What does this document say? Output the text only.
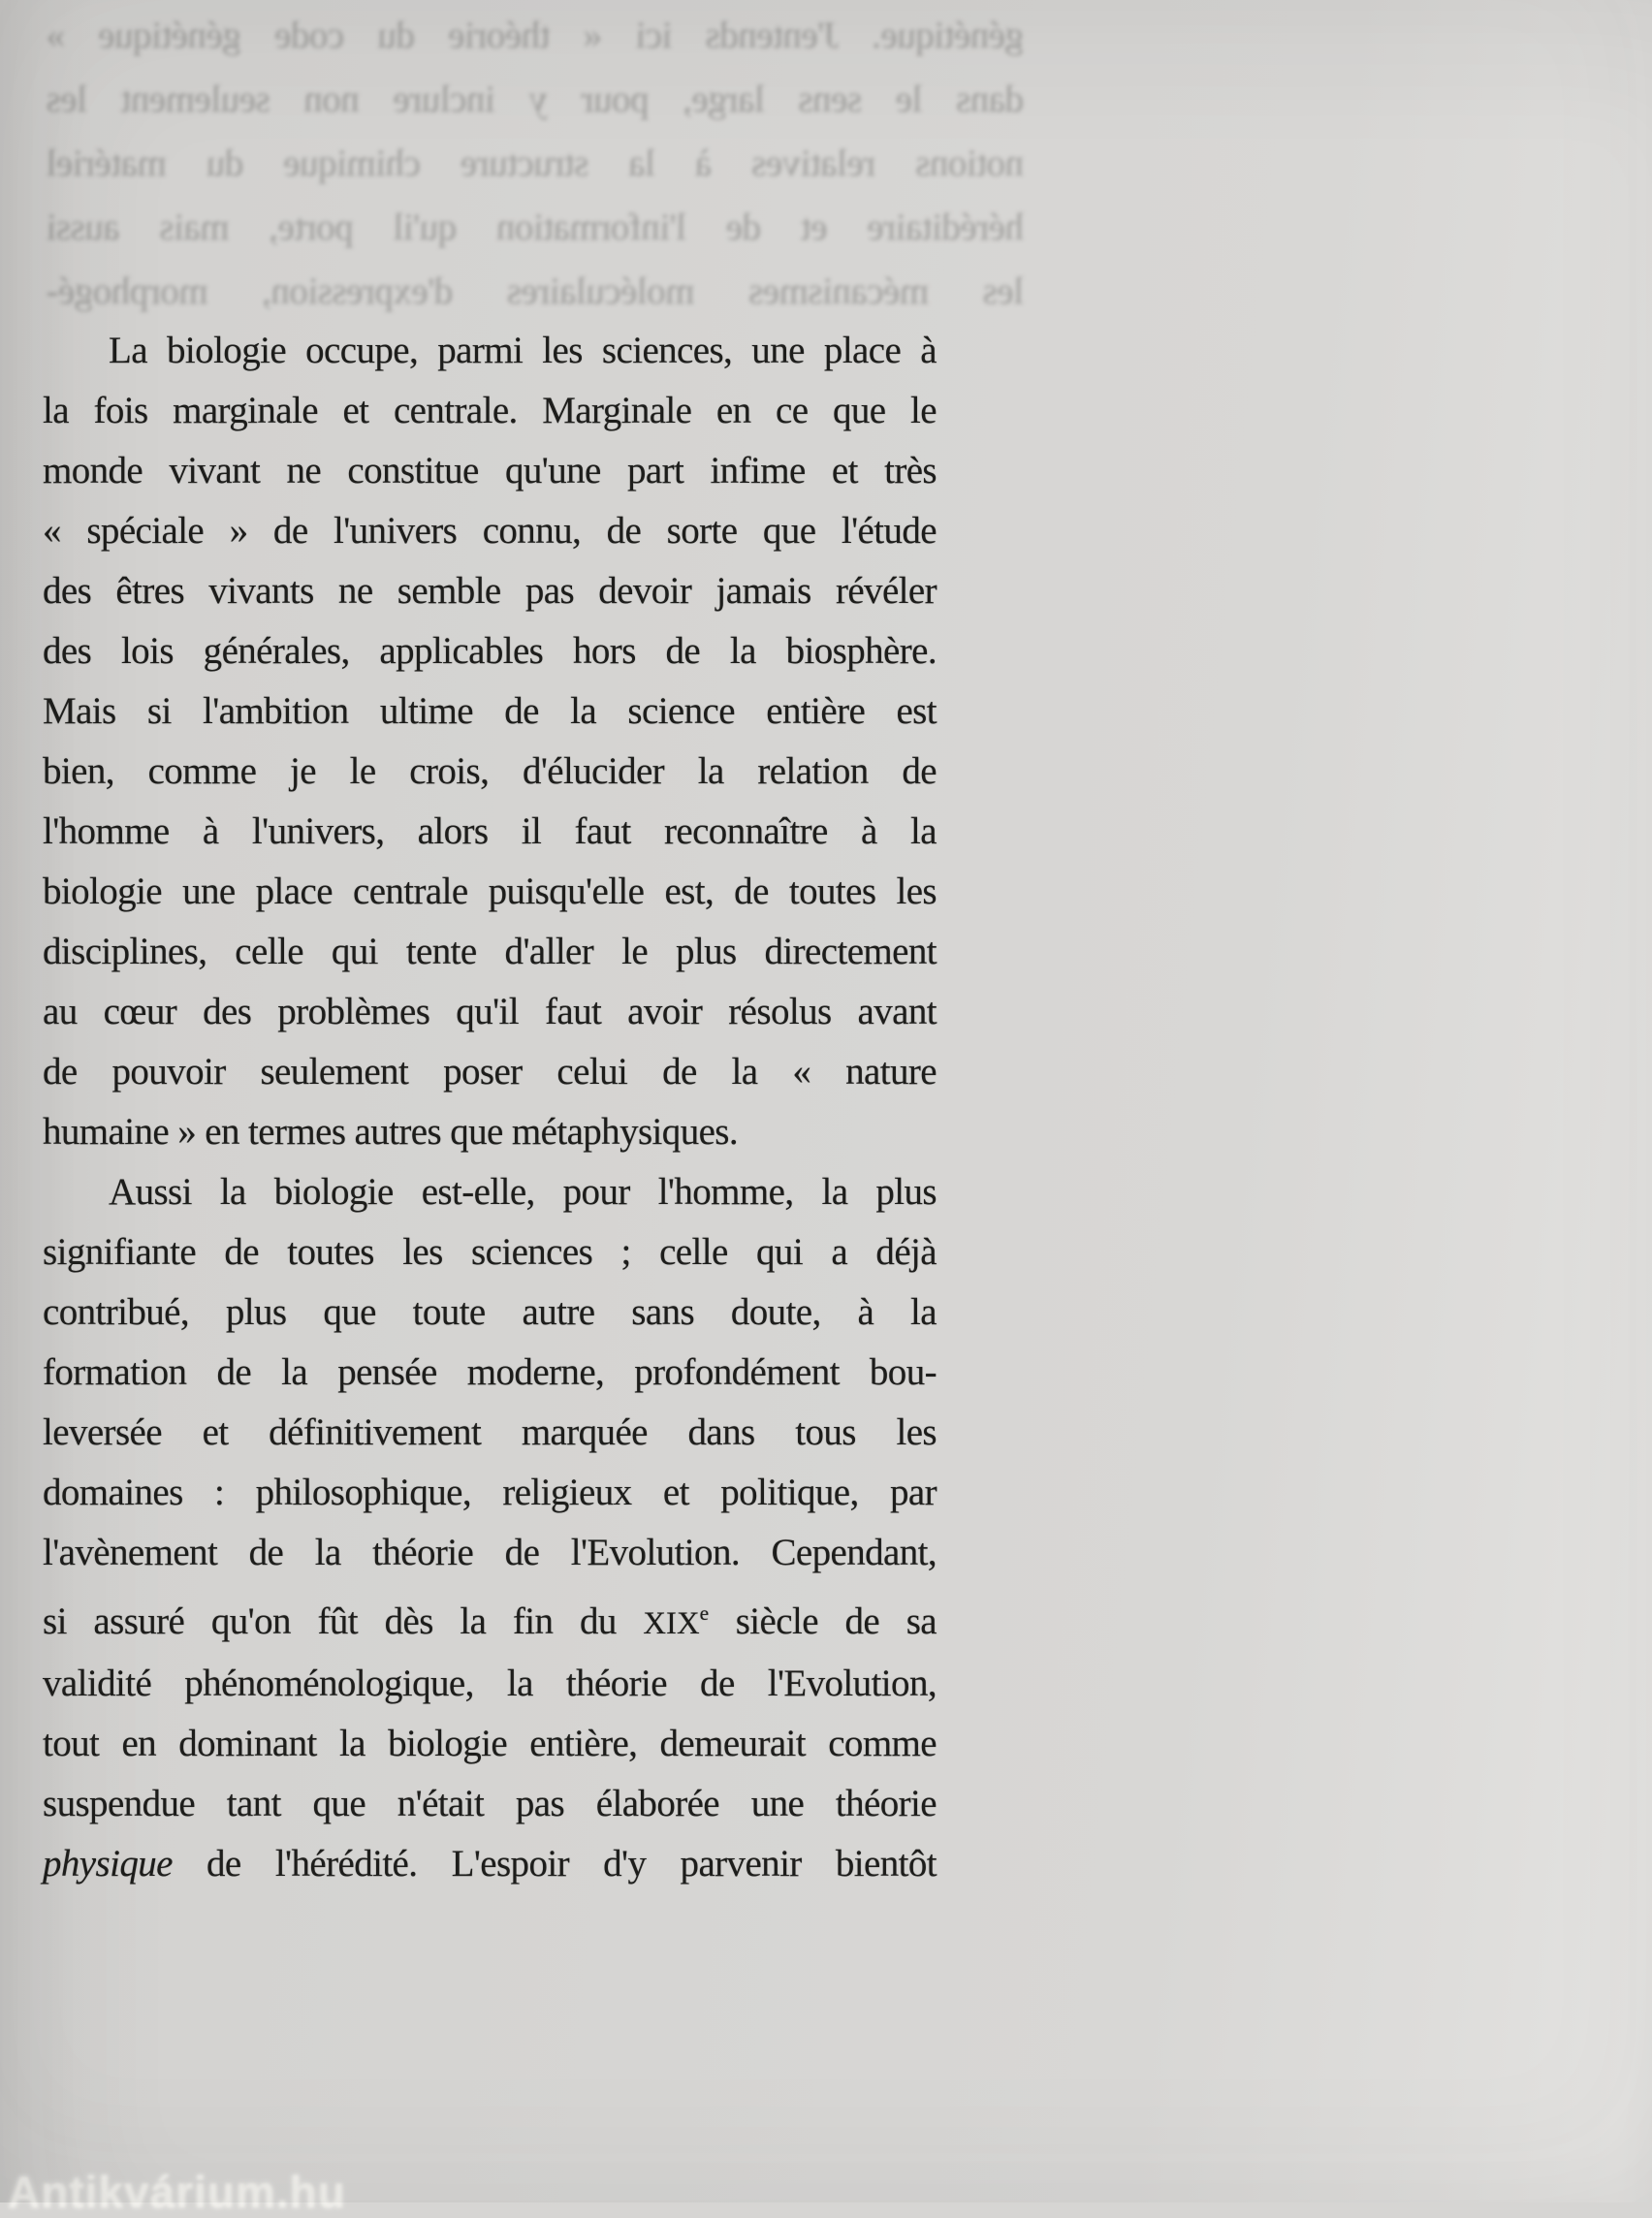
génétique. J'entends ici « théorie du code génétique »
dans le sens large, pour y inclure non seulement les
notions relatives à la structure chimique du matériel
héréditaire et de l'information qu'il porte, mais aussi
les mécanismes moléculaires d'expression, morphogé-
La biologie occupe, parmi les sciences, une place à
la fois marginale et centrale. Marginale en ce que le
monde vivant ne constitue qu'une part infime et très
« spéciale » de l'univers connu, de sorte que l'étude
des êtres vivants ne semble pas devoir jamais révéler
des lois générales, applicables hors de la biosphère.
Mais si l'ambition ultime de la science entière est
bien, comme je le crois, d'élucider la relation de
l'homme à l'univers, alors il faut reconnaître à la
biologie une place centrale puisqu'elle est, de toutes les
disciplines, celle qui tente d'aller le plus directement
au cœur des problèmes qu'il faut avoir résolus avant
de pouvoir seulement poser celui de la « nature
humaine » en termes autres que métaphysiques.
Aussi la biologie est-elle, pour l'homme, la plus
signifiante de toutes les sciences ; celle qui a déjà
contribué, plus que toute autre sans doute, à la
formation de la pensée moderne, profondément bou-
leversée et définitivement marquée dans tous les
domaines : philosophique, religieux et politique, par
l'avènement de la théorie de l'Evolution. Cependant,
si assuré qu'on fût dès la fin du XIXe siècle de sa
validité phénoménologique, la théorie de l'Evolution,
tout en dominant la biologie entière, demeurait comme
suspendue tant que n'était pas élaborée une théorie
physique de l'hérédité. L'espoir d'y parvenir bientôt
Antikvárium.hu
